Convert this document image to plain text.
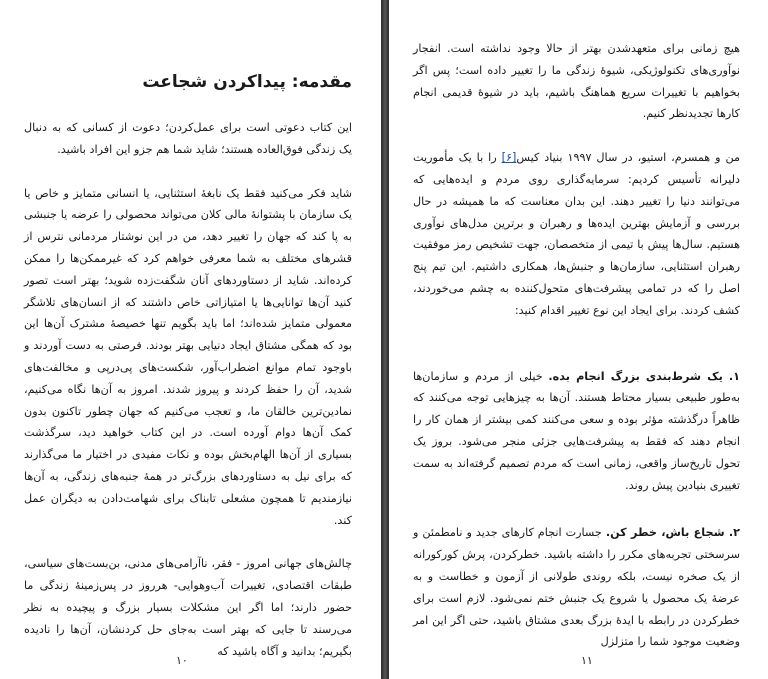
مقدمه: پیداکردن شجاعت
این کتاب دعوتی است برای عمل‌کردن؛ دعوت از کسانی که به دنبال یک زندگی فوق‌العاده هستند؛ شاید شما هم جزو این افراد باشید.
شاید فکر می‌کنید فقط یک نابغهٔ استثنایی، یا انسانی متمایز و خاص یا یک سازمان با پشتوانهٔ مالی کلان می‌تواند محصولی را عرضه یا جنبشی به پا کند که جهان را تغییر دهد، من در این نوشتار مردمانی نترس از قشرهای مختلف به شما معرفی خواهم کرد که غیرممکن‌ها را ممکن کرده‌اند. شاید از دستاوردهای آنان شگفت‌زده شوید؛ بهتر است تصور کنید آن‌ها توانایی‌ها یا امتیازاتی خاص داشتند که از انسان‌های تلاشگر معمولی متمایز شده‌اند؛ اما باید بگویم تنها خصیصهٔ مشترک آن‌ها این بود که همگی مشتاق ایجاد دنیایی بهتر بودند. فرصتی به دست آوردند و باوجود تمام موانع اضطراب‌آور، شکست‌های پی‌درپی و مخالفت‌های شدید، آن را حفظ کردند و پیروز شدند. امروز به آن‌ها نگاه می‌کنیم، نمادین‌ترین خالقان ما، و تعجب می‌کنیم که جهان چطور تاکنون بدون کمک آن‌ها دوام آورده است. در این کتاب خواهید دید، سرگذشت بسیاری از آن‌ها الهام‌بخش بوده و نکات مفیدی در اختیار ما می‌گذارند که برای نیل به دستاوردهای بزرگ‌تر در همهٔ جنبه‌های زندگی، به آن‌ها نیازمندیم تا همچون مشعلی تابناک برای شهامت‌دادن به دیگران عمل کند.
چالش‌های جهانی امروز - فقر، ناآرامی‌های مدنی، بن‌بست‌های سیاسی، طبقات اقتصادی، تغییرات آب‌وهوایی- هرروز در پس‌زمینهٔ زندگی ما حضور دارند؛ اما اگر این مشکلات بسیار بزرگ و پیچیده به نظر می‌رسند تا جایی که بهتر است به‌جای حل کردنشان، آن‌ها را نادیده بگیریم؛ بدانید و آگاه باشید که
۱۰
هیچ زمانی برای متعهدشدن بهتر از حالا وجود نداشته است. انفجار نوآوری‌های تکنولوژیکی، شیوهٔ زندگی ما را تغییر داده است؛ پس اگر بخواهیم با تغییرات سریع هماهنگ باشیم، باید در شیوهٔ قدیمی انجام کارها تجدیدنظر کنیم.
من و همسرم، استیو، در سال ۱۹۹۷ بنیاد کیس[۶] را با یک مأموریت دلیرانه تأسیس کردیم: سرمایه‌گذاری روی مردم و ایده‌هایی که می‌توانند دنیا را تغییر دهند. این بدان معناست که ما همیشه در حال بررسی و آزمایش بهترین ایده‌ها و رهبران و برترین مدل‌های نوآوری هستیم. سال‌ها پیش با تیمی از متخصصان، جهت تشخیص رمز موفقیت رهبران استثنایی، سازمان‌ها و جنبش‌ها، همکاری داشتیم. این تیم پنج اصل را که در تمامی پیشرفت‌های متحول‌کننده به چشم می‌خوردند، کشف کردند. برای ایجاد این نوع تغییر اقدام کنید:
۱. یک شرط‌بندی بزرگ انجام بده. خیلی از مردم و سازمان‌ها به‌طور طبیعی بسیار محتاط هستند. آن‌ها به چیزهایی توجه می‌کنند که ظاهراً درگذشته مؤثر بوده و سعی می‌کنند کمی بیشتر از همان کار را انجام دهند که فقط به پیشرفت‌هایی جزئی منجر می‌شود. بروز یک تحول تاریخ‌ساز واقعی، زمانی است که مردم تصمیم گرفته‌اند به سمت تغییری بنیادین پیش روند.
۲. شجاع باش، خطر کن. جسارت انجام کارهای جدید و نامطمئن و سرسختی تجربه‌های مکرر را داشته باشید. خطرکردن، پرش کورکورانه از یک صخره نیست، بلکه روندی طولانی از آزمون و خطاست و به عرضهٔ یک محصول یا شروع یک جنبش ختم نمی‌شود. لازم است برای خطرکردن در رابطه با ایدهٔ بزرگ بعدی مشتاق باشید، حتی اگر این امر وضعیت موجود شما را متزلزل
۱۱
